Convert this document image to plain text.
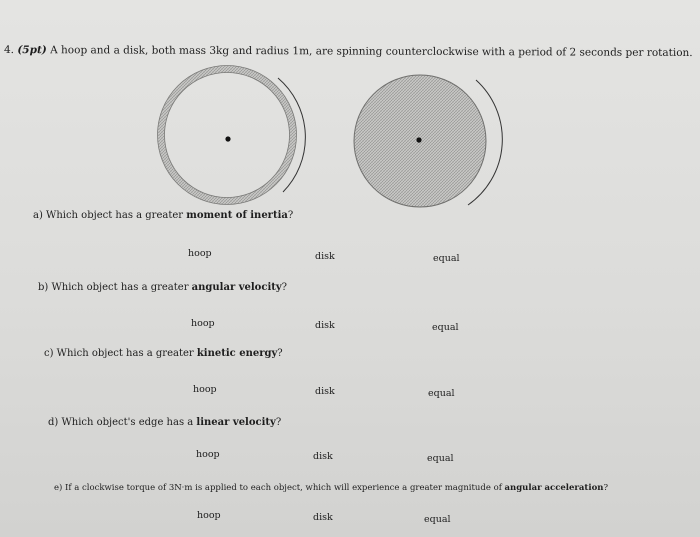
4. (5pt) A hoop and a disk, both mass 3kg and radius 1m, are spinning counterclockwise with a period of 2 seconds per rotation.
a) Which object has a greater moment of inertia?
hoop	disk	equal
b) Which object has a greater angular velocity?
hoop	disk	equal
c) Which object has a greater kinetic energy?
hoop	disk	equal
d) Which object's edge has a linear velocity?
hoop	disk	equal
e) If a clockwise torque of 3N·m is applied to each object, which will experience a greater magnitude of angular acceleration?
hoop	disk	equal
